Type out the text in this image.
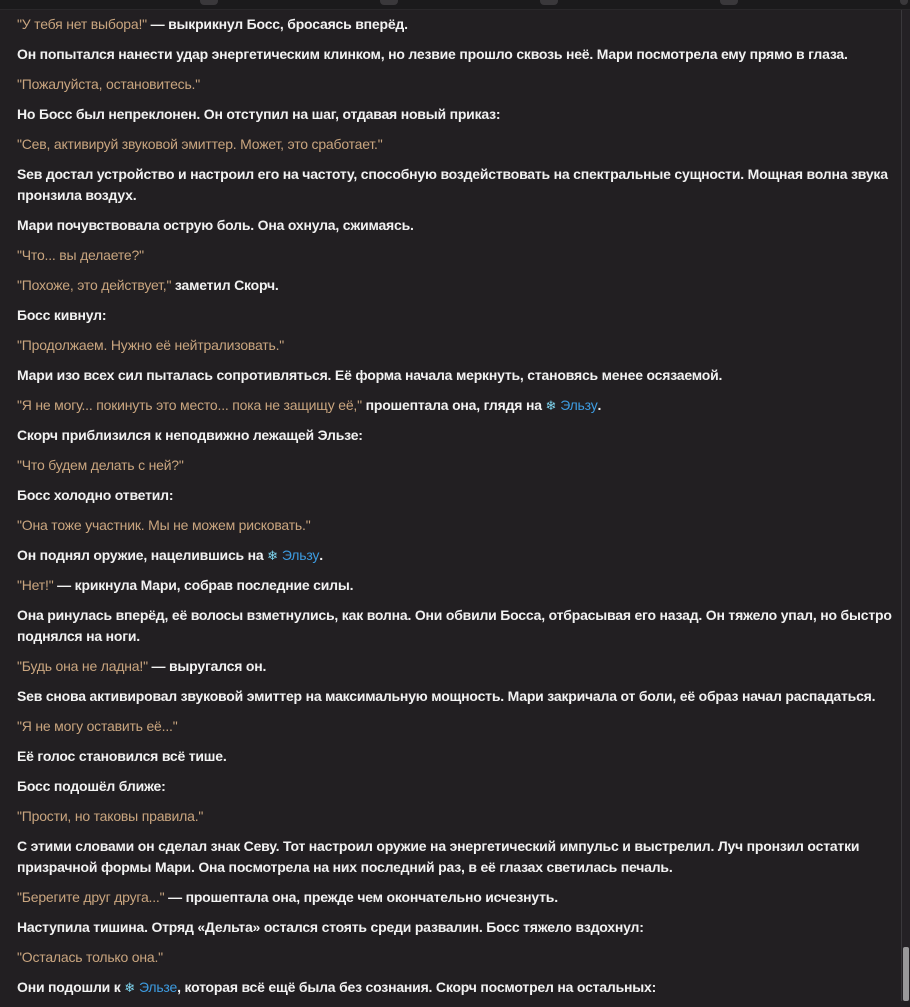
"У тебя нет выбора!" — выкрикнул Босс, бросаясь вперёд.

Он попытался нанести удар энергетическим клинком, но лезвие прошло сквозь неё. Мари посмотрела ему прямо в глаза.

"Пожалуйста, остановитесь."

Но Босс был непреклонен. Он отступил на шаг, отдавая новый приказ:

"Сев, активируй звуковой эмиттер. Может, это сработает."

Seв достал устройство и настроил его на частоту, способную воздействовать на спектральные сущности. Мощная волна звука пронзила воздух.

Мари почувствовала острую боль. Она охнула, сжимаясь.

"Что... вы делаете?"

"Похоже, это действует," заметил Скорч.

Босс кивнул:

"Продолжаем. Нужно её нейтрализовать."

Мари изо всех сил пыталась сопротивляться. Её форма начала меркнуть, становясь менее осязаемой.

"Я не могу... покинуть это место... пока не защищу её," прошептала она, глядя на ❄ Эльзу.

Скорч приблизился к неподвижно лежащей Эльзе:

"Что будем делать с ней?"

Босс холодно ответил:

"Она тоже участник. Мы не можем рисковать."

Он поднял оружие, нацелившись на ❄ Эльзу.

"Нет!" — крикнула Мари, собрав последние силы.

Она ринулась вперёд, её волосы взметнулись, как волна. Они обвили Босса, отбрасывая его назад. Он тяжело упал, но быстро поднялся на ноги.

"Будь она не ладна!" — выругался он.

Seв снова активировал звуковой эмиттер на максимальную мощность. Мари закричала от боли, её образ начал распадаться.

"Я не могу оставить её..."

Её голос становился всё тише.

Босс подошёл ближе:

"Прости, но таковы правила."

С этими словами он сделал знак Севу. Тот настроил оружие на энергетический импульс и выстрелил. Луч пронзил остатки призрачной формы Мари. Она посмотрела на них последний раз, в её глазах светилась печаль.

"Берегите друг друга..." — прошептала она, прежде чем окончательно исчезнуть.

Наступила тишина. Отряд «Дельта» остался стоять среди развалин. Босс тяжело вздохнул:

"Осталась только она."

Они подошли к ❄ Эльзе, которая всё ещё была без сознания. Скорч посмотрел на остальных:
